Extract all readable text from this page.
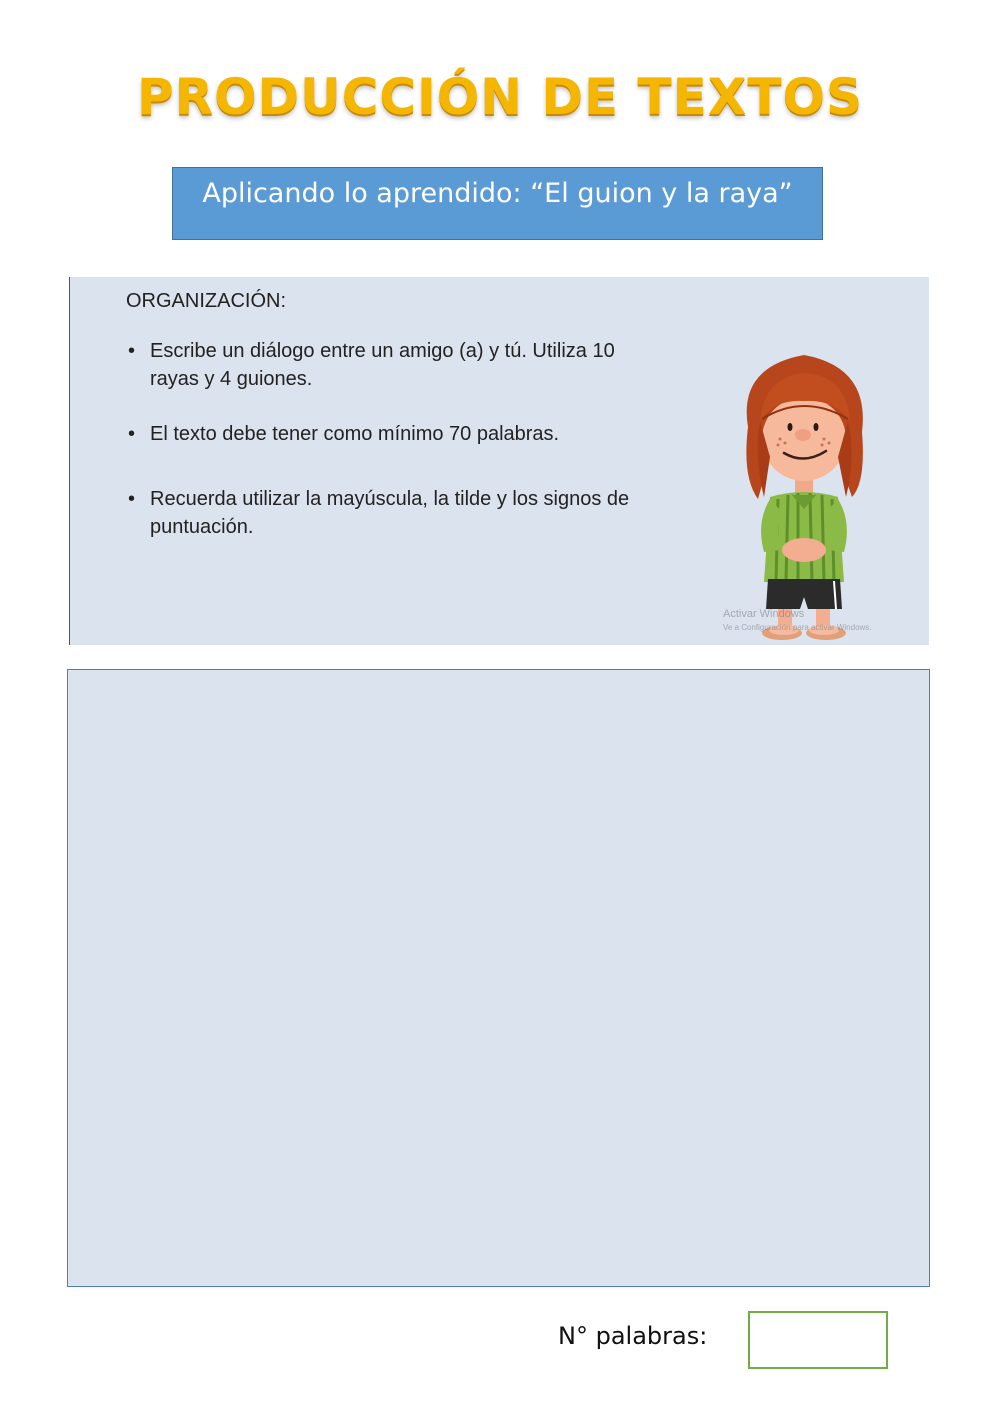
PRODUCCIÓN DE TEXTOS
Aplicando lo aprendido: “El guion y la raya”
ORGANIZACIÓN:
• Escribe un diálogo entre un amigo (a) y tú. Utiliza 10
rayas y 4 guiones.
• El texto debe tener como mínimo 70 palabras.
• Recuerda utilizar la mayúscula, la tilde y los signos de
puntuación.
Activar Windows
Ve a Configuración para activar Windows.
N° palabras:
